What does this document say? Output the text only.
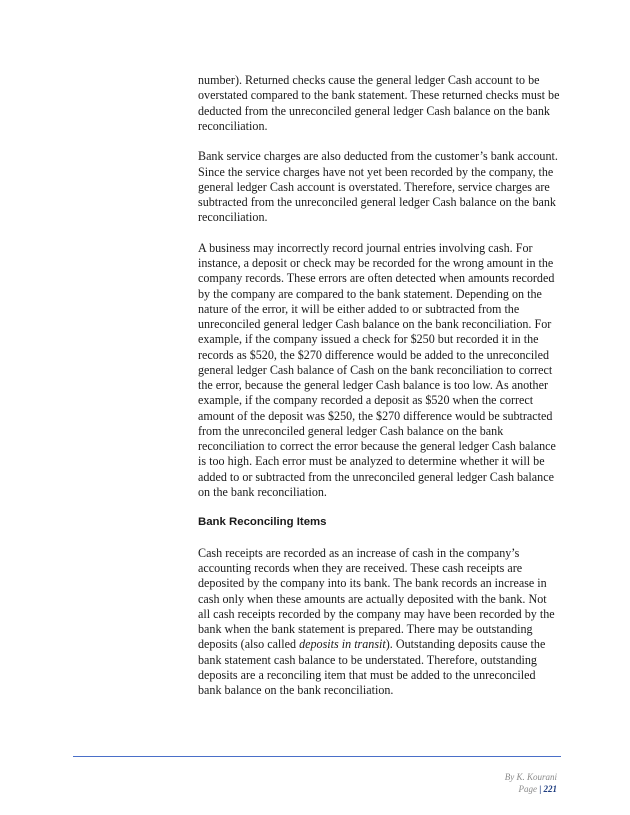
number). Returned checks cause the general ledger Cash account to be overstated compared to the bank statement. These returned checks must be deducted from the unreconciled general ledger Cash balance on the bank reconciliation.

Bank service charges are also deducted from the customer’s bank account. Since the service charges have not yet been recorded by the company, the general ledger Cash account is overstated. Therefore, service charges are subtracted from the unreconciled general ledger Cash balance on the bank reconciliation.

A business may incorrectly record journal entries involving cash. For instance, a deposit or check may be recorded for the wrong amount in the company records. These errors are often detected when amounts recorded by the company are compared to the bank statement. Depending on the nature of the error, it will be either added to or subtracted from the unreconciled general ledger Cash balance on the bank reconciliation. For example, if the company issued a check for $250 but recorded it in the records as $520, the $270 difference would be added to the unreconciled general ledger Cash balance of Cash on the bank reconciliation to correct the error, because the general ledger Cash balance is too low. As another example, if the company recorded a deposit as $520 when the correct amount of the deposit was $250, the $270 difference would be subtracted from the unreconciled general ledger Cash balance on the bank reconciliation to correct the error because the general ledger Cash balance is too high. Each error must be analyzed to determine whether it will be added to or subtracted from the unreconciled general ledger Cash balance on the bank reconciliation.

Bank Reconciling Items

Cash receipts are recorded as an increase of cash in the company’s accounting records when they are received. These cash receipts are deposited by the company into its bank. The bank records an increase in cash only when these amounts are actually deposited with the bank. Not all cash receipts recorded by the company may have been recorded by the bank when the bank statement is prepared. There may be outstanding deposits (also called deposits in transit). Outstanding deposits cause the bank statement cash balance to be understated. Therefore, outstanding deposits are a reconciling item that must be added to the unreconciled bank balance on the bank reconciliation.

By K. Kourani
Page | 221
